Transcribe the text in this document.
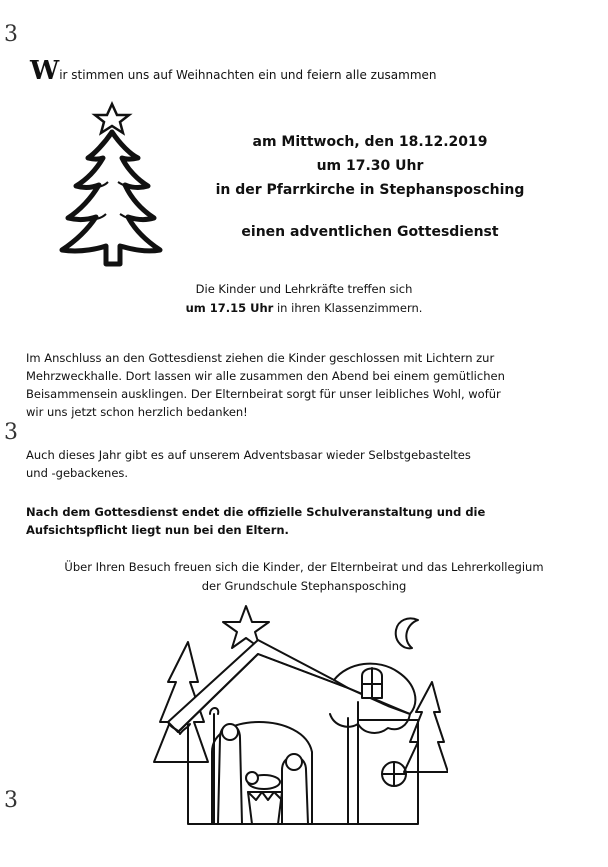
3
3
3
Wir stimmen uns auf Weihnachten ein und feiern alle zusammen
am Mittwoch, den 18.12.2019
um 17.30 Uhr
in der Pfarrkirche in Stephansposching
einen adventlichen Gottesdienst
Die Kinder und Lehrkräfte treffen sich
um 17.15 Uhr in ihren Klassenzimmern.
Im Anschluss an den Gottesdienst ziehen die Kinder geschlossen mit Lichtern zur
Mehrzweckhalle. Dort lassen wir alle zusammen den Abend bei einem gemütlichen
Beisammensein ausklingen. Der Elternbeirat sorgt für unser leibliches Wohl, wofür
wir uns jetzt schon herzlich bedanken!
Auch dieses Jahr gibt es auf unserem Adventsbasar wieder Selbstgebasteltes
und -gebackenes.
Nach dem Gottesdienst endet die offizielle Schulveranstaltung und die
Aufsichtspflicht liegt nun bei den Eltern.
Über Ihren Besuch freuen sich die Kinder, der Elternbeirat und das Lehrerkollegium
der Grundschule Stephansposching
